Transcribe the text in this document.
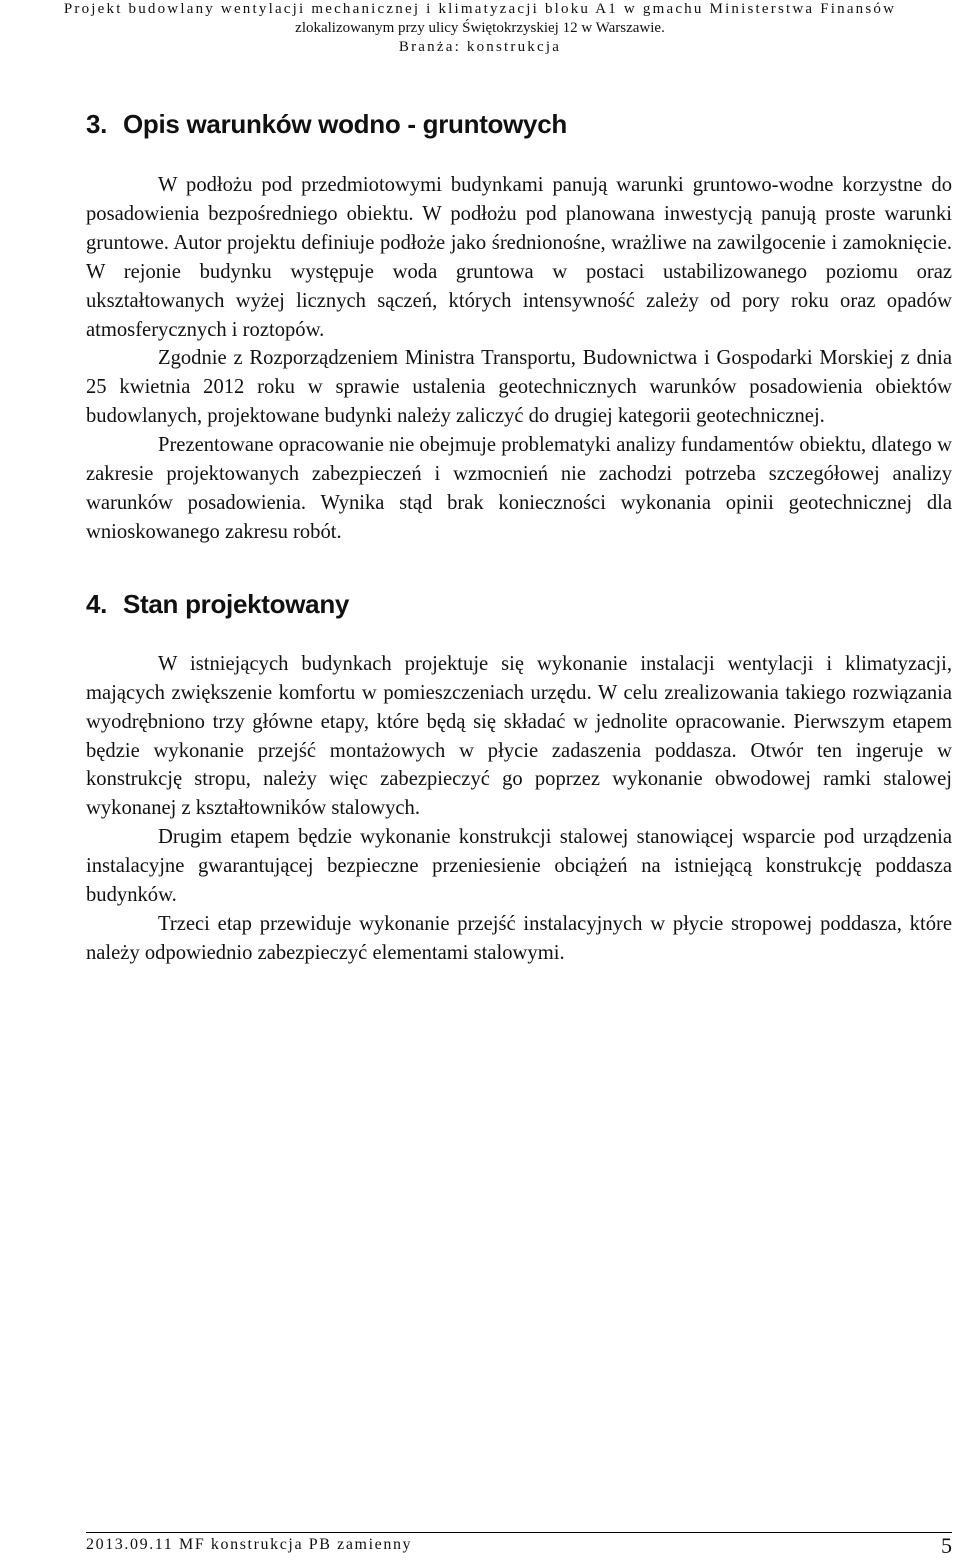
Projekt budowlany wentylacji mechanicznej i klimatyzacji bloku A1 w gmachu Ministerstwa Finansów
zlokalizowanym przy ulicy Świętokrzyskiej 12 w Warszawie.
Branża: konstrukcja
3. Opis warunków wodno - gruntowych

W podłożu pod przedmiotowymi budynkami panują warunki gruntowo-wodne korzystne do posadowienia bezpośredniego obiektu. W podłożu pod planowana inwestycją panują proste warunki gruntowe. Autor projektu definiuje podłoże jako średnionośne, wrażliwe na zawilgocenie i zamoknięcie. W rejonie budynku występuje woda gruntowa w postaci ustabilizowanego poziomu oraz ukształtowanych wyżej licznych sączeń, których intensywność zależy od pory roku oraz opadów atmosferycznych i roztopów.

Zgodnie z Rozporządzeniem Ministra Transportu, Budownictwa i Gospodarki Morskiej z dnia 25 kwietnia 2012 roku w sprawie ustalenia geotechnicznych warunków posadowienia obiektów budowlanych, projektowane budynki należy zaliczyć do drugiej kategorii geotechnicznej.

Prezentowane opracowanie nie obejmuje problematyki analizy fundamentów obiektu, dlatego w zakresie projektowanych zabezpieczeń i wzmocnień nie zachodzi potrzeba szczegółowej analizy warunków posadowienia. Wynika stąd brak konieczności wykonania opinii geotechnicznej dla wnioskowanego zakresu robót.

4. Stan projektowany

W istniejących budynkach projektuje się wykonanie instalacji wentylacji i klimatyzacji, mających zwiększenie komfortu w pomieszczeniach urzędu. W celu zrealizowania takiego rozwiązania wyodrębniono trzy główne etapy, które będą się składać w jednolite opracowanie. Pierwszym etapem będzie wykonanie przejść montażowych w płycie zadaszenia poddasza. Otwór ten ingeruje w konstrukcję stropu, należy więc zabezpieczyć go poprzez wykonanie obwodowej ramki stalowej wykonanej z kształtowników stalowych.

Drugim etapem będzie wykonanie konstrukcji stalowej stanowiącej wsparcie pod urządzenia instalacyjne gwarantującej bezpieczne przeniesienie obciążeń na istniejącą konstrukcję poddasza budynków.

Trzeci etap przewiduje wykonanie przejść instalacyjnych w płycie stropowej poddasza, które należy odpowiednio zabezpieczyć elementami stalowymi.

2013.09.11 MF konstrukcja PB zamienny	5
